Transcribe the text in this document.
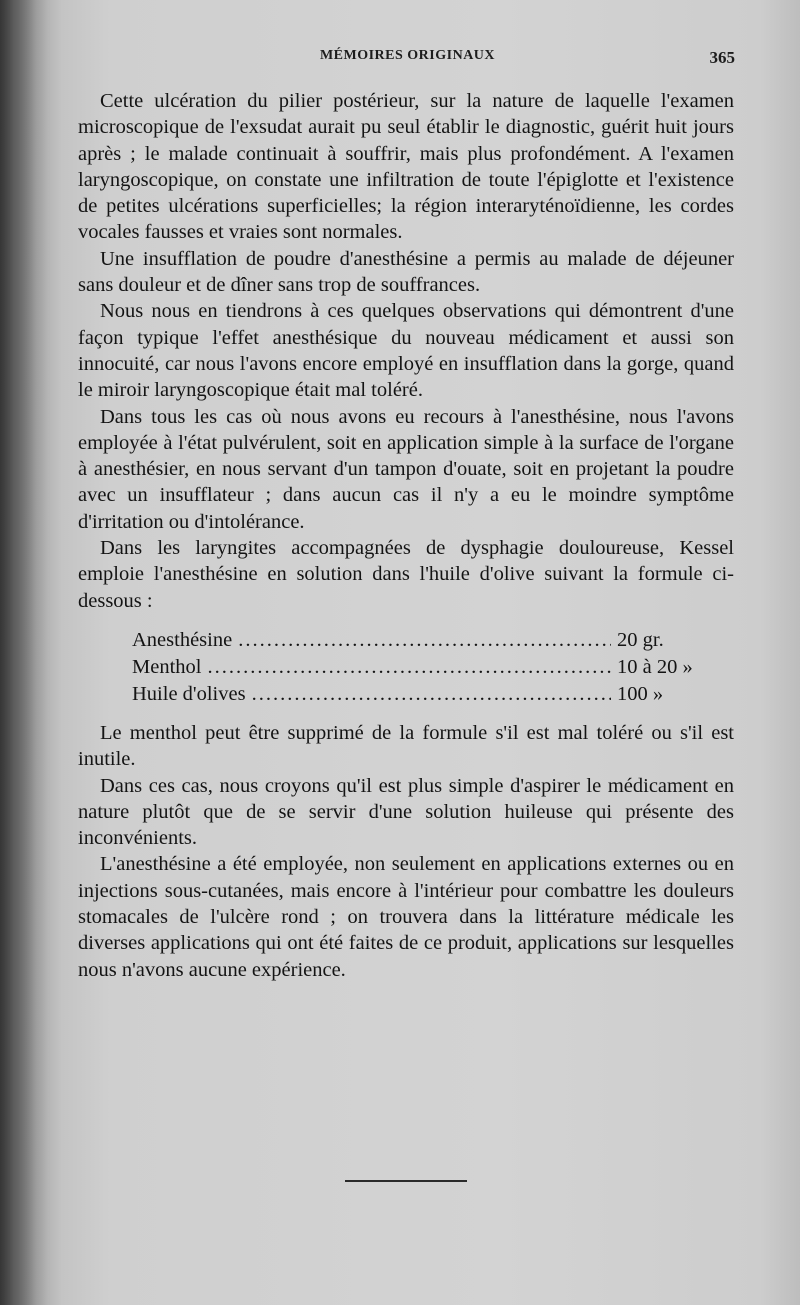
MÉMOIRES ORIGINAUX	365

Cette ulcération du pilier postérieur, sur la nature de laquelle l'examen microscopique de l'exsudat aurait pu seul établir le diagnostic, guérit huit jours après ; le malade continuait à souffrir, mais plus profondément. A l'examen laryngoscopique, on constate une infiltration de toute l'épiglotte et l'existence de petites ulcérations superficielles; la région interaryténoïdienne, les cordes vocales fausses et vraies sont normales.

Une insufflation de poudre d'anesthésine a permis au malade de déjeuner sans douleur et de dîner sans trop de souffrances.

Nous nous en tiendrons à ces quelques observations qui démontrent d'une façon typique l'effet anesthésique du nouveau médicament et aussi son innocuité, car nous l'avons encore employé en insufflation dans la gorge, quand le miroir laryngoscopique était mal toléré.

Dans tous les cas où nous avons eu recours à l'anesthésine, nous l'avons employée à l'état pulvérulent, soit en application simple à la surface de l'organe à anesthésier, en nous servant d'un tampon d'ouate, soit en projetant la poudre avec un insufflateur ; dans aucun cas il n'y a eu le moindre symptôme d'irritation ou d'intolérance.

Dans les laryngites accompagnées de dysphagie douloureuse, Kessel emploie l'anesthésine en solution dans l'huile d'olive suivant la formule ci-dessous :

Anesthésine .....	20 gr.
Menthol .....	10 à 20 »
Huile d'olives .....	100 »

Le menthol peut être supprimé de la formule s'il est mal toléré ou s'il est inutile.

Dans ces cas, nous croyons qu'il est plus simple d'aspirer le médicament en nature plutôt que de se servir d'une solution huileuse qui présente des inconvénients.

L'anesthésine a été employée, non seulement en applications externes ou en injections sous-cutanées, mais encore à l'intérieur pour combattre les douleurs stomacales de l'ulcère rond ; on trouvera dans la littérature médicale les diverses applications qui ont été faites de ce produit, applications sur lesquelles nous n'avons aucune expérience.
